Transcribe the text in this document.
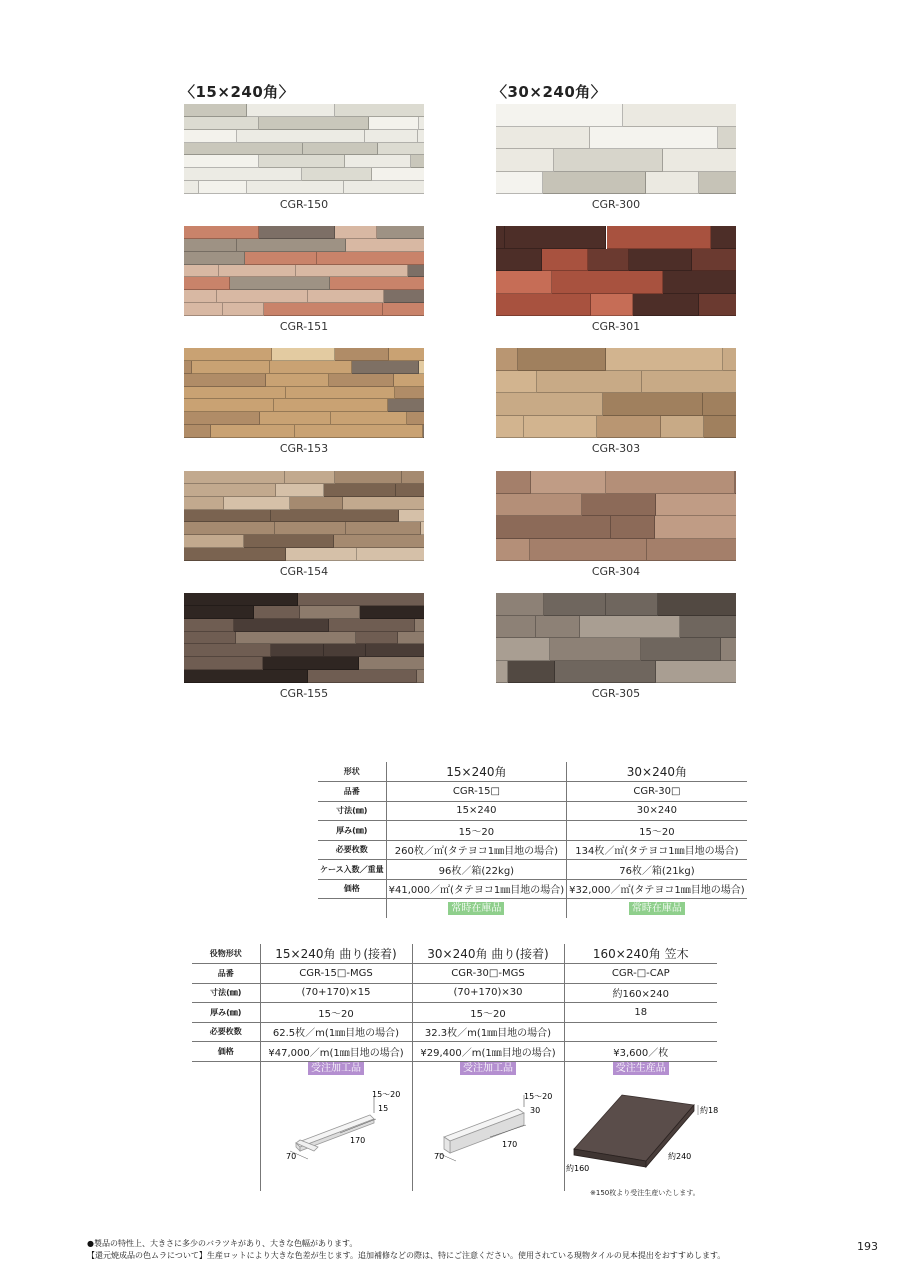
〈15×240角〉	〈30×240角〉
CGR-150
CGR-151
CGR-153
CGR-154
CGR-155
CGR-300
CGR-301
CGR-303
CGR-304
CGR-305
形状	15×240角	30×240角
品番	CGR-15□	CGR-30□
寸法(㎜)	15×240	30×240
厚み(㎜)	15～20	15～20
必要枚数	260枚／㎡(タテヨコ1㎜目地の場合)	134枚／㎡(タテヨコ1㎜目地の場合)
ケース入数／重量	96枚／箱(22kg)	76枚／箱(21kg)
価格	¥41,000／㎡(タテヨコ1㎜目地の場合)	¥32,000／㎡(タテヨコ1㎜目地の場合)
	常時在庫品	常時在庫品
役物形状	15×240角 曲り(接着)	30×240角 曲り(接着)	160×240角 笠木
品番	CGR-15□-MGS	CGR-30□-MGS	CGR-□-CAP
寸法(㎜)	(70+170)×15	(70+170)×30	約160×240
厚み(㎜)	15～20	15～20	18
必要枚数	62.5枚／m(1㎜目地の場合)	32.3枚／m(1㎜目地の場合)	
価格	¥47,000／m(1㎜目地の場合)	¥29,400／m(1㎜目地の場合)	¥3,600／枚
	受注加工品	受注加工品	受注生産品
15～20
15
170
70
15～20
30
170
70
約18
約240
約160
※150枚より受注生産いたします。
●製品の特性上、大きさに多少のバラツキがあり、大きな色幅があります。
【還元焼成品の色ムラについて】生産ロットにより大きな色差が生じます。追加補修などの際は、特にご注意ください。使用されている現物タイルの見本提出をおすすめします。
193
